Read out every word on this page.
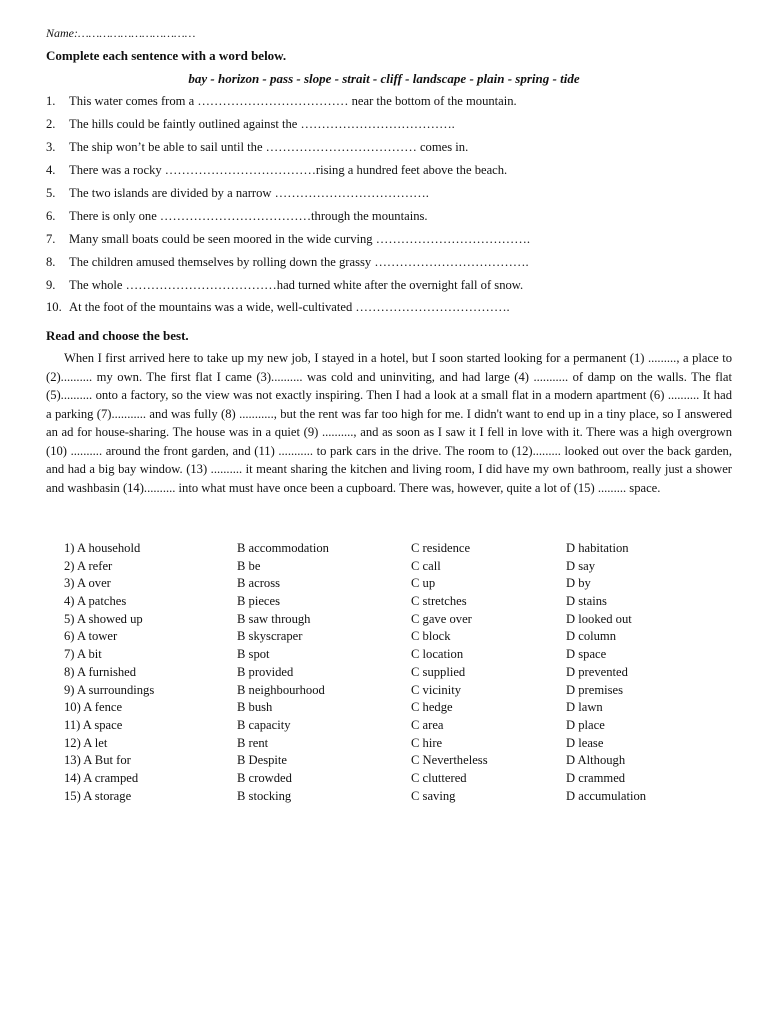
Name:……………………………
Complete each sentence with a word below.
bay - horizon - pass - slope - strait - cliff - landscape - plain - spring - tide
1. This water comes from a ……………………………… near the bottom of the mountain.
2. The hills could be faintly outlined against the ……………………………….
3. The ship won’t be able to sail until the ……………………………… comes in.
4. There was a rocky ………………………………rising a hundred feet above the beach.
5. The two islands are divided by a narrow ……………………………….
6. There is only one ………………………………through the mountains.
7. Many small boats could be seen moored in the wide curving ……………………………….
8. The children amused themselves by rolling down the grassy ……………………………….
9. The whole ………………………………had turned white after the overnight fall of snow.
10. At the foot of the mountains was a wide, well-cultivated ……………………………….
Read and choose the best.

When I first arrived here to take up my new job, I stayed in a hotel, but I soon started looking for a permanent (1) ........., a place to (2).......... my own. The first flat I came (3).......... was cold and uninviting, and had large (4) ........... of damp on the walls. The flat (5).......... onto a factory, so the view was not exactly inspiring. Then I had a look at a small flat in a modern apartment (6) .......... It had a parking (7)........... and was fully (8) ..........., but the rent was far too high for me. I didn't want to end up in a tiny place, so I answered an ad for house-sharing. The house was in a quiet (9) .........., and as soon as I saw it I fell in love with it. There was a high overgrown (10) .......... around the front garden, and (11) ........... to park cars in the drive. The room to (12)......... looked out over the back garden, and had a big bay window. (13) .......... it meant sharing the kitchen and living room, I did have my own bathroom, really just a shower and washbasin (14).......... into what must have once been a cupboard. There was, however, quite a lot of (15) ......... space.

1) A household	B accommodation	C residence	D habitation
2) A refer	B be	C call	D say
3) A over	B across	C up	D by
4) A patches	B pieces	C stretches	D stains
5) A showed up	B saw through	C gave over	D looked out
6) A tower	B skyscraper	C block	D column
7) A bit	B spot	C location	D space
8) A furnished	B provided	C supplied	D prevented
9) A surroundings	B neighbourhood	C vicinity	D premises
10) A fence	B bush	C hedge	D lawn
11) A space	B capacity	C area	D place
12) A let	B rent	C hire	D lease
13) A But for	B Despite	C Nevertheless	D Although
14) A cramped	B crowded	C cluttered	D crammed
15) A storage	B stocking	C saving	D accumulation
